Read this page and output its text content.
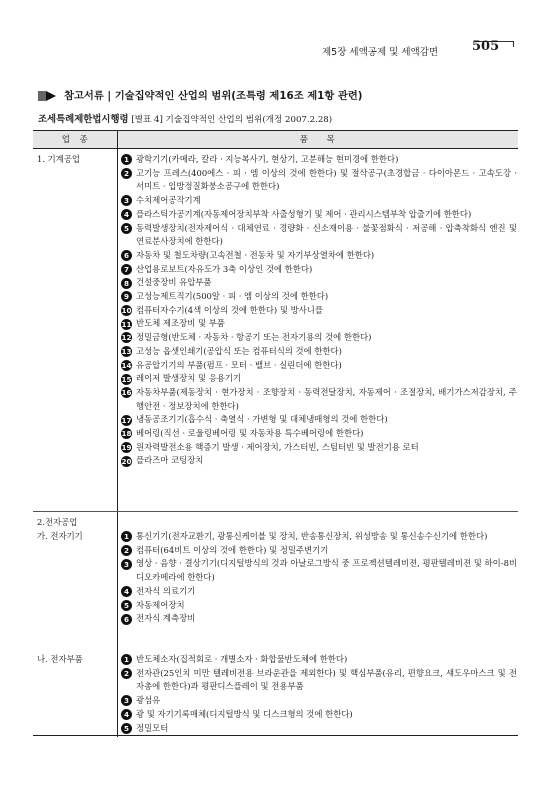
505
제5장 세액공제 및 세액감면
참고서류 | 기술집약적인 산업의 범위(조특령 제16조 제1항 관련)
조세특례제한법시행령 [별표 4] 기술집약적인 산업의 범위(개정 2007.2.28)
업　종	품　　목
1. 기계공업	1 광학기기(카메라, 칼라 · 지능복사기, 현상기, 고분해능 현미경에 한한다)
2 고기능 프레스(400에스 · 피 · 엠 이상의 것에 한한다) 및 절삭공구(초경합금 · 다이아몬드 · 고속도강 · 서미트 · 입방정질화붕소공구에 한한다)
3 수치제어공작기계
4 플라스틱가공기계(자동제어장치부착 사출성형기 및 제어 · 관리시스템부착 압출기에 한한다)
5 동력발생장치(전자제어식 · 대체연료 · 경량화 · 신소재이용 · 불꽃점화식 · 저공해 · 압축착화식 엔진 및 연료분사장치에 한한다)
6 자동차 및 철도차량(고속전철 · 전동차 및 자기부상열차에 한한다)
7 산업용로보트(자유도가 3축 이상인 것에 한한다)
8 건설중장비 유압부품
9 고성능제트직기(500알 · 피 · 엠 이상의 것에 한한다)
10 컴퓨터자수기(4색 이상의 것에 한한다) 및 방사니플
11 반도체 제조장비 및 부품
12 정밀금형(반도체 · 자동차 · 항공기 또는 전자기용의 것에 한한다)
13 고성능 옵셋인쇄기(공압식 또는 컴퓨터식의 것에 한한다)
14 유공압기기의 부품(펌프 · 모터 · 밸브 · 실린더에 한한다)
15 레이저 발생장치 및 응용기기
16 자동차부품(제동장치 · 현가장치 · 조향장치 · 동력전달장치, 자동제어 · 조절장치, 배기가스저감장치, 주행안전 · 정보장치에 한한다)
17 냉동공조기기(흡수식 · 축열식 · 가변형 및 대체냉매형의 것에 한한다)
18 베어링(직선 · 로울링베어링 및 자동차용 특수베어링에 한한다)
19 원자력발전소용 핵증기 발생 · 제어장치, 가스터빈, 스팀터빈 및 발전기용 로터
20 플라즈마 코팅장치
2.전자공업
가. 전자기기	1 통신기기(전자교환기, 광통신케이블 및 장치, 반송통신장치, 위성방송 및 통신송수신기에 한한다)
2 컴퓨터(64비트 이상의 것에 한한다) 및 정밀주변기기
3 영상 · 음향 · 결상기기(디지털방식의 것과 아날로그방식 중 프로젝션텔레비젼, 평판텔레비젼 및 하이-8비디오카메라에 한한다)
4 전자식 의료기기
5 자동제어장치
6 전자식 계측장비
나. 전자부품	1 반도체소자(집적회로 · 개별소자 · 화합물반도체에 한한다)
2 전자관(25인치 미만 텔레비전용 브라운관을 제외한다) 및 핵심부품(유리, 편향요크, 섀도우마스크 및 전자총에 한한다)과 평판디스플레이 및 전용부품
3 광섬유
4 광 및 자기기록매체(디지털방식 및 디스크형의 것에 한한다)
5 정밀모터
